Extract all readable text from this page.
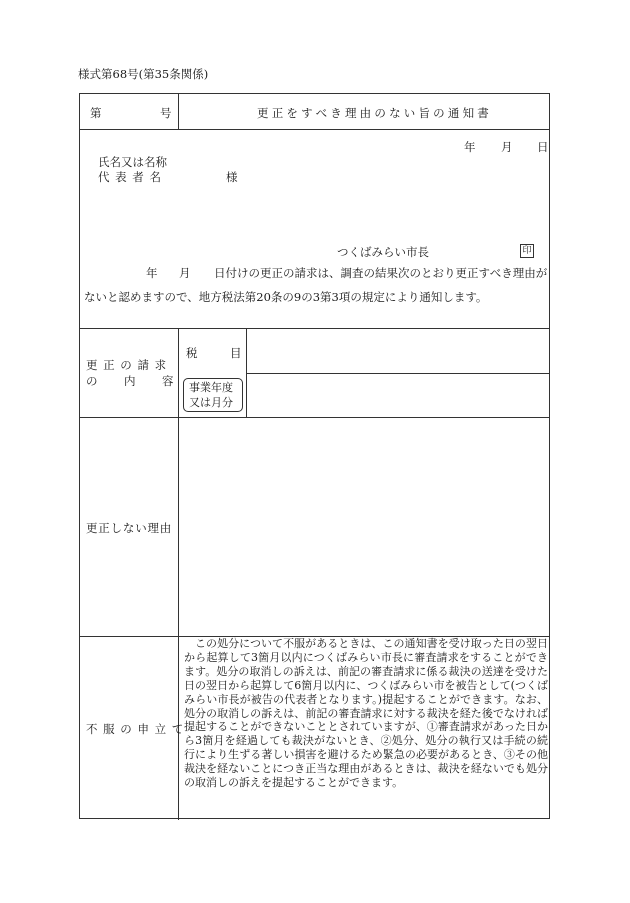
様式第68号(第35条関係)
第	号	更正をすべき理由のない旨の通知書
年 月 日
氏名又は名称
代 表 者 名	様
つくばみらい市長	印
年 月 日付けの更正の請求は、調査の結果次のとおり更正すべき理由が
ないと認めますので、地方税法第20条の9の3第3項の規定により通知します。
更 正 の 請 求
の 内 容
税	目
事業年度
又は月分
更正しない理由
不 服 の 申 立 て
この処分について不服があるときは、この通知書を受け取った日の翌日から起算して3箇月以内につくばみらい市長に審査請求をすることができます。処分の取消しの訴えは、前記の審査請求に係る裁決の送達を受けた日の翌日から起算して6箇月以内に、つくばみらい市を被告として(つくばみらい市長が被告の代表者となります。)提起することができます。なお、処分の取消しの訴えは、前記の審査請求に対する裁決を経た後でなければ提起することができないこととされていますが、①審査請求があった日から3箇月を経過しても裁決がないとき、②処分、処分の執行又は手続の続行により生ずる著しい損害を避けるため緊急の必要があるとき、③その他裁決を経ないことにつき正当な理由があるときは、裁決を経ないでも処分の取消しの訴えを提起することができます。
